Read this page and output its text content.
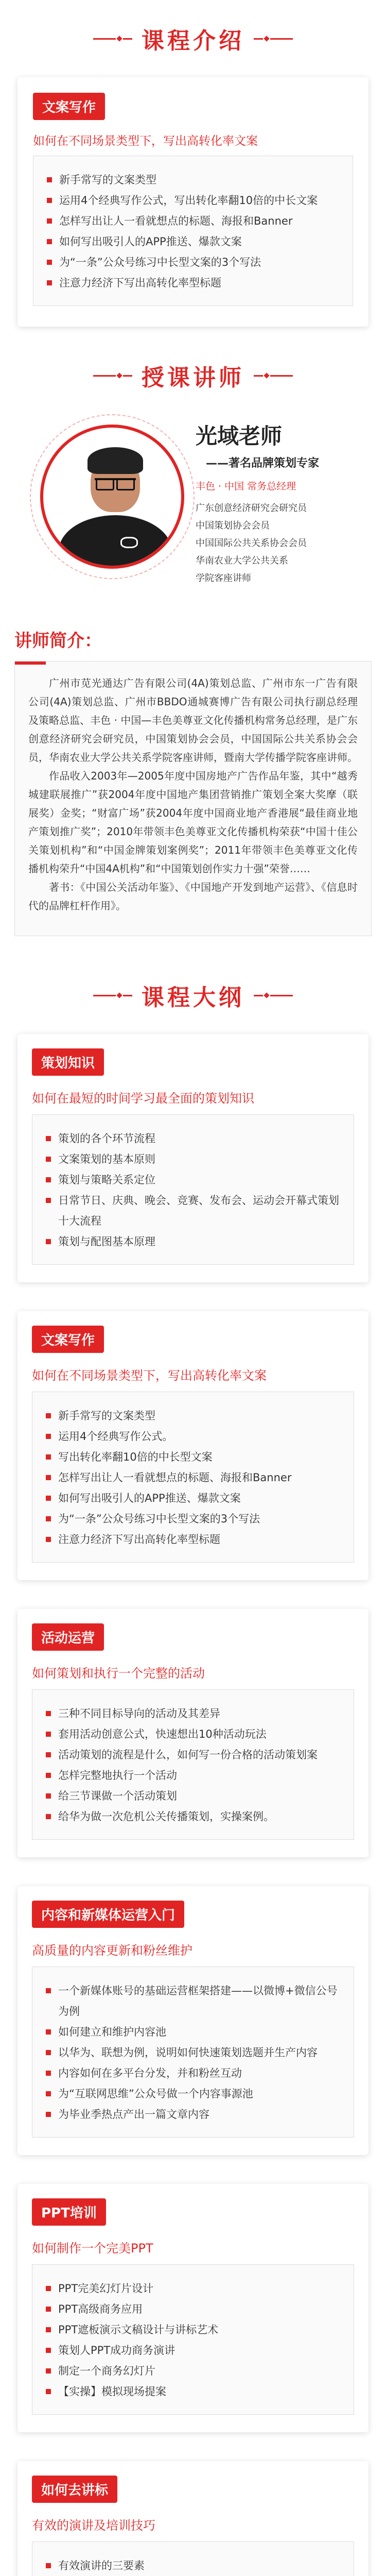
课程介绍
文案写作
如何在不同场景类型下，写出高转化率文案
新手常写的文案类型
运用4个经典写作公式，写出转化率翻10倍的中长文案
怎样写出让人一看就想点的标题、海报和Banner
如何写出吸引人的APP推送、爆款文案
为“一条”公众号练习中长型文案的3个写法
注意力经济下写出高转化率型标题
授课讲师
光域老师
——著名品牌策划专家
丰色 · 中国 常务总经理
广东创意经济研究会研究员
中国策划协会会员
中国国际公共关系协会会员
华南农业大学公共关系
学院客座讲师
讲师简介：

广州市苋光通达广告有限公司(4A)策划总监、广州市东一广告有限公司(4A)策划总监、广州市BBDO通城赛博广告有限公司执行副总经理及策略总监、丰色 · 中国—丰色美尊亚文化传播机构常务总经理，是广东创意经济研究会研究员，中国策划协会会员，中国国际公共关系协会会员，华南农业大学公共关系学院客座讲师，暨南大学传播学院客座讲师。

作品收入2003年—2005年度中国房地产广告作品年鉴，其中“越秀城建联展推广”获2004年度中国地产集团营销推广策划全案大奖摩（联展奖）金奖；“财富广场”获2004年度中国商业地产香港展“最佳商业地产策划推广奖”；2010年带领丰色美尊亚文化传播机构荣获“中国十佳公关策划机构”和“中国金牌策划案例奖”；2011年带领丰色美尊亚文化传播机构荣升“中国4A机构”和“中国策划创作实力十强”荣誉……

著书：《中国公关活动年鉴》、《中国地产开发到地产运营》、《信息时代的品牌杠杆作用》。

课程大纲
策划知识
如何在最短的时间学习最全面的策划知识
策划的各个环节流程
文案策划的基本原则
策划与策略关系定位
日常节日、庆典、晚会、竞赛、发布会、运动会开幕式策划十大流程
策划与配图基本原理
文案写作
如何在不同场景类型下，写出高转化率文案
新手常写的文案类型
运用4个经典写作公式。
写出转化率翻10倍的中长型文案
怎样写出让人一看就想点的标题、海报和Banner
如何写出吸引人的APP推送、爆款文案
为“一条”公众号练习中长型文案的3个写法
注意力经济下写出高转化率型标题
活动运营
如何策划和执行一个完整的活动
三种不同目标导向的活动及其差异
套用活动创意公式，快速想出10种活动玩法
活动策划的流程是什么，如何写一份合格的活动策划案
怎样完整地执行一个活动
给三节课做一个活动策划
给华为做一次危机公关传播策划，实操案例。
内容和新媒体运营入门
高质量的内容更新和粉丝维护
一个新媒体账号的基础运营框架搭建——以微博+微信公号为例
如何建立和维护内容池
以华为、联想为例，说明如何快速策划选题并生产内容
内容如何在多平台分发，并和粉丝互动
为“互联网思维”公众号做一个内容事源池
为毕业季热点产出一篇文章内容
PPT培训
如何制作一个完美PPT
PPT完美幻灯片设计
PPT高级商务应用
PPT遮板演示文稿设计与讲标艺术
策划人PPT成功商务演讲
制定一个商务幻灯片
【实操】模拟现场提案
如何去讲标
有效的演讲及培训技巧
有效演讲的三要素
